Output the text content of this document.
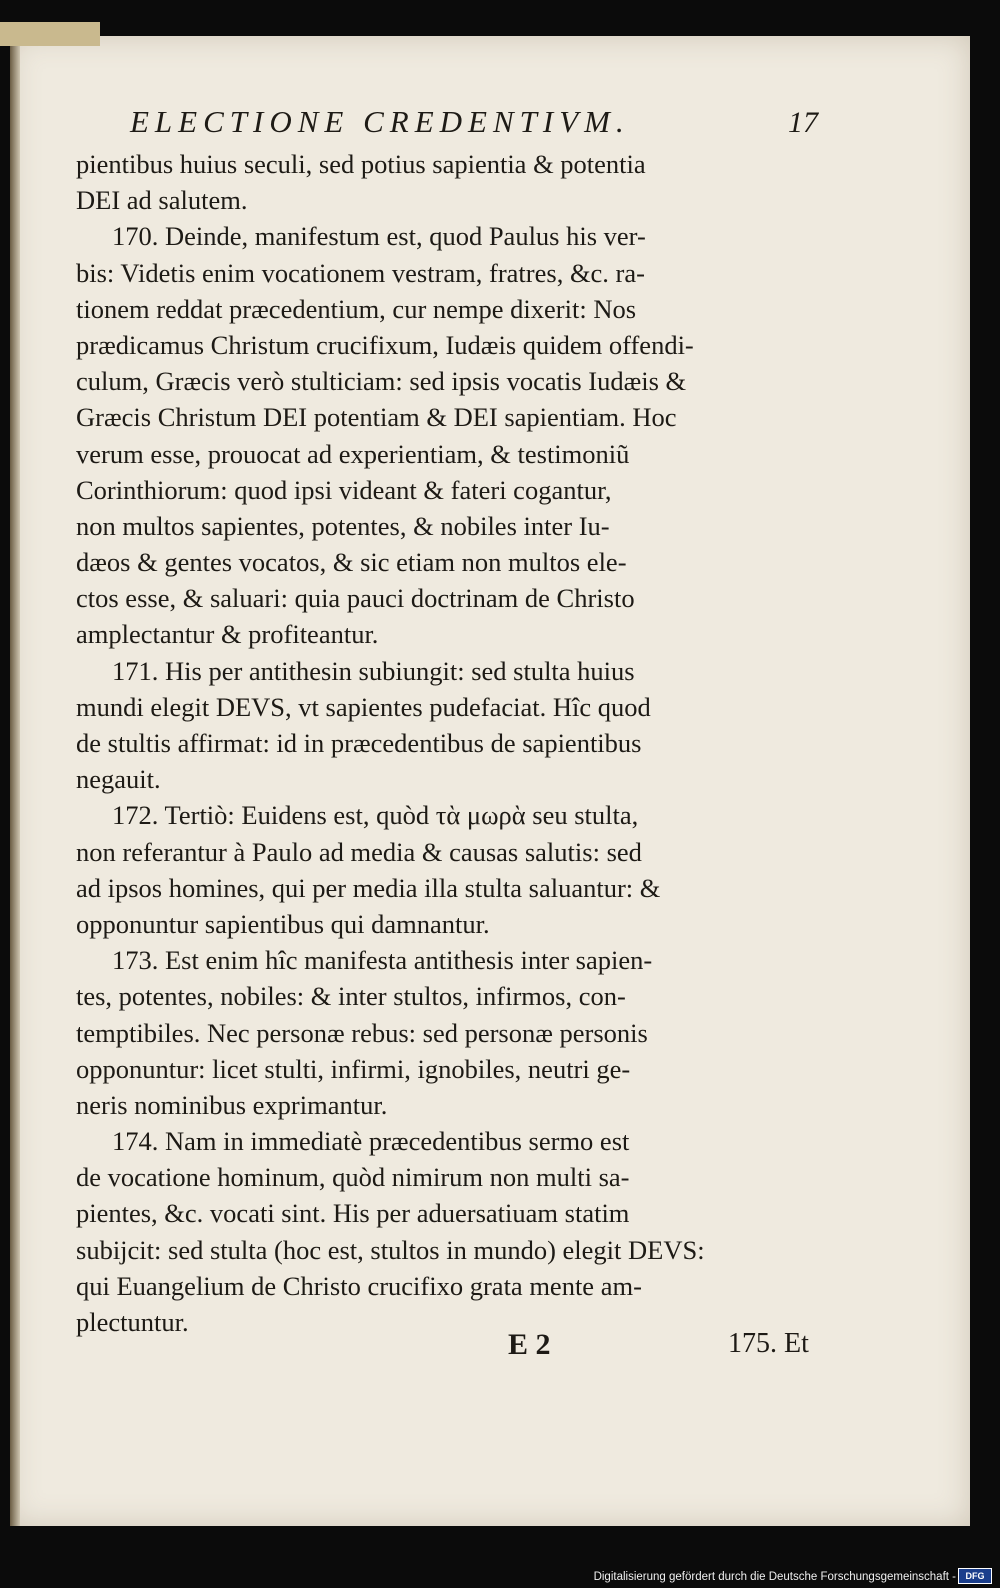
ELECTIONE CREDENTIVM.	17
pientibus huius seculi, sed potius sapientia & potentia
DEI ad salutem.
170. Deinde, manifestum est, quod Paulus his ver-
bis: Videtis enim vocationem vestram, fratres, &c. ra-
tionem reddat præcedentium, cur nempe dixerit: Nos
prædicamus Christum crucifixum, Iudæis quidem offendi-
culum, Græcis verò stulticiam: sed ipsis vocatis Iudæis &
Græcis Christum DEI potentiam & DEI sapientiam. Hoc
verum esse, prouocat ad experientiam, & testimoniũ
Corinthiorum: quod ipsi videant & fateri cogantur,
non multos sapientes, potentes, & nobiles inter Iu-
dæos & gentes vocatos, & sic etiam non multos ele-
ctos esse, & saluari: quia pauci doctrinam de Christo
amplectantur & profiteantur.
171. His per antithesin subiungit: sed stulta huius
mundi elegit DEVS, vt sapientes pudefaciat. Hîc quod
de stultis affirmat: id in præcedentibus de sapientibus
negauit.
172. Tertiò: Euidens est, quòd τὰ μωρὰ seu stulta,
non referantur à Paulo ad media & causas salutis: sed
ad ipsos homines, qui per media illa stulta saluantur: &
opponuntur sapientibus qui damnantur.
173. Est enim hîc manifesta antithesis inter sapien-
tes, potentes, nobiles: & inter stultos, infirmos, con-
temptibiles. Nec personæ rebus: sed personæ personis
opponuntur: licet stulti, infirmi, ignobiles, neutri ge-
neris nominibus exprimantur.
174. Nam in immediatè præcedentibus sermo est
de vocatione hominum, quòd nimirum non multi sa-
pientes, &c. vocati sint. His per aduersatiuam statim
subijcit: sed stulta (hoc est, stultos in mundo) elegit DEVS:
qui Euangelium de Christo crucifixo grata mente am-
plectuntur.
E 2	175. Et
Digitalisierung gefördert durch die Deutsche Forschungsgemeinschaft -	DFG
